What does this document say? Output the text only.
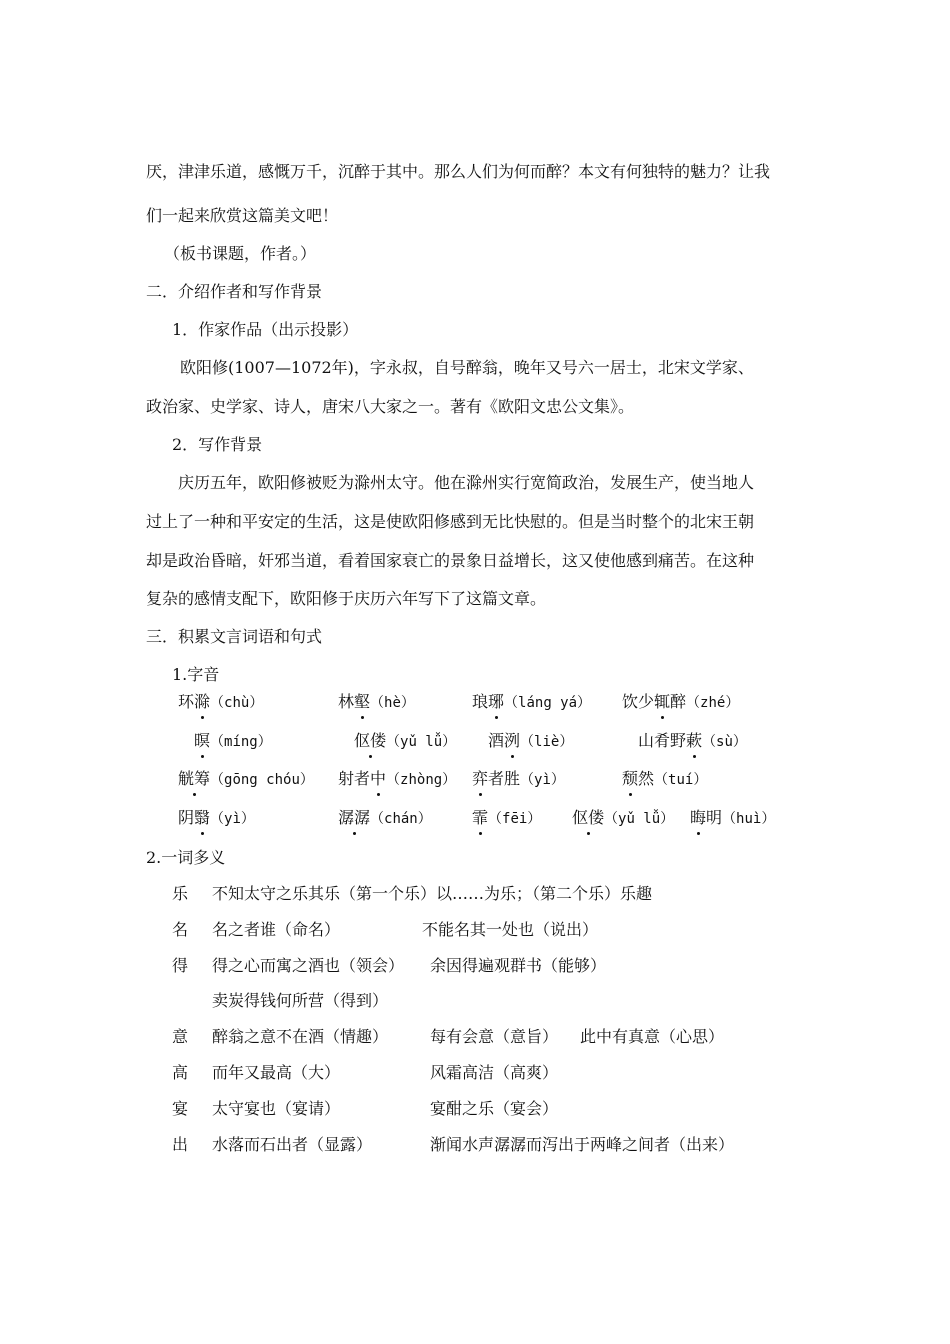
厌，津津乐道，感慨万千，沉醉于其中。那么人们为何而醉？本文有何独特的魅力？让我
们一起来欣赏这篇美文吧！
（板书课题，作者。）
二．介绍作者和写作背景
1．作家作品（出示投影）
欧阳修(1007—1072年)，字永叔，自号醉翁，晚年又号六一居士，北宋文学家、
政治家、史学家、诗人，唐宋八大家之一。著有《欧阳文忠公文集》。
2．写作背景
庆历五年，欧阳修被贬为滁州太守。他在滁州实行宽简政治，发展生产，使当地人
过上了一种和平安定的生活，这是使欧阳修感到无比快慰的。但是当时整个的北宋王朝
却是政治昏暗，奸邪当道，看着国家衰亡的景象日益增长，这又使他感到痛苦。在这种
复杂的感情支配下，欧阳修于庆历六年写下了这篇文章。
三．积累文言词语和句式
1.字音
环滁（chù）	林壑（hè）	琅琊（láng yá） 饮少辄醉（zhé）
暝（míng）	伛偻（yǔ lǚ） 酒洌（liè）	山肴野蔌（sù）
觥筹（gōng chóu） 射者中（zhòng） 弈者胜（yì）	颓然（tuí）
阴翳（yì）	潺潺（chán）	霏（fēi） 伛偻（yǔ lǚ） 晦明（huì）
2.一词多义
乐 不知太守之乐其乐（第一个乐）以……为乐；（第二个乐）乐趣
名 名之者谁（命名）	不能名其一处也（说出）
得 得之心而寓之酒也（领会） 余因得遍观群书（能够）
卖炭得钱何所营（得到）
意 醉翁之意不在酒（情趣）	每有会意（意旨） 此中有真意（心思）
高 而年又最高（大）	风霜高洁（高爽）
宴 太守宴也（宴请）	宴酣之乐（宴会）
出 水落而石出者（显露）	渐闻水声潺潺而泻出于两峰之间者（出来）
